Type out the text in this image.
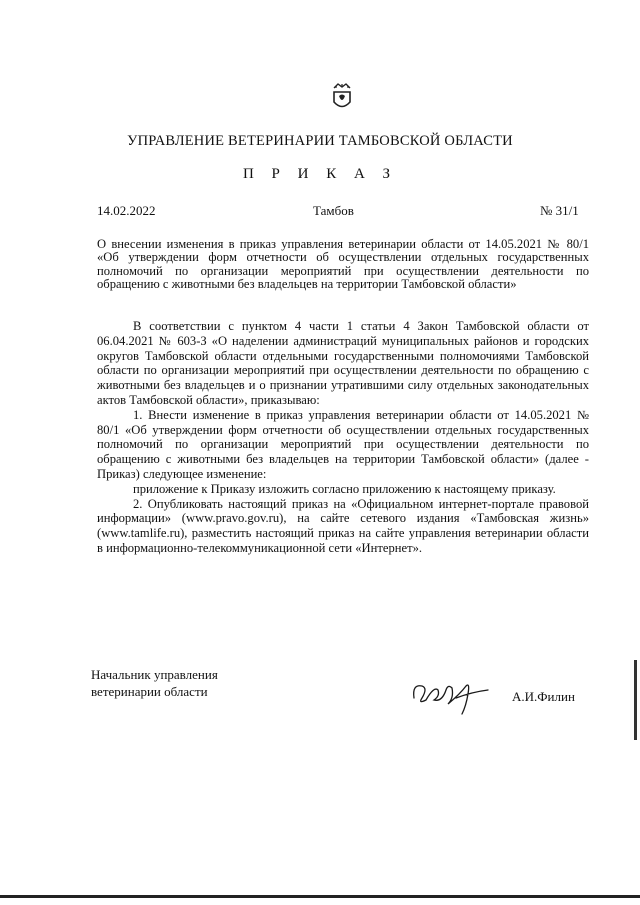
УПРАВЛЕНИЕ ВЕТЕРИНАРИИ ТАМБОВСКОЙ ОБЛАСТИ
П Р И К А З
14.02.2022	Тамбов	№ 31/1
О внесении изменения в приказ управления ветеринарии области от 14.05.2021 № 80/1 «Об утверждении форм отчетности об осуществлении отдельных государственных полномочий по организации мероприятий при осуществлении деятельности по обращению с животными без владельцев на территории Тамбовской области»

В соответствии с пунктом 4 части 1 статьи 4 Закон Тамбовской области от 06.04.2021 № 603-З «О наделении администраций муниципальных районов и городских округов Тамбовской области отдельными государственными полномочиями Тамбовской области по организации мероприятий при осуществлении деятельности по обращению с животными без владельцев и о признании утратившими силу отдельных законодательных актов Тамбовской области», приказываю:

1. Внести изменение в приказ управления ветеринарии области от 14.05.2021 № 80/1 «Об утверждении форм отчетности об осуществлении отдельных государственных полномочий по организации мероприятий при осуществлении деятельности по обращению с животными без владельцев на территории Тамбовской области» (далее - Приказ) следующее изменение:

приложение к Приказу изложить согласно приложению к настоящему приказу.

2. Опубликовать настоящий приказ на «Официальном интернет-портале правовой информации» (www.pravo.gov.ru), на сайте сетевого издания «Тамбовская жизнь» (www.tamlife.ru), разместить настоящий приказ на сайте управления ветеринарии области в информационно-телекоммуникационной сети «Интернет».

Начальник управления
ветеринарии области	А.И.Филин
